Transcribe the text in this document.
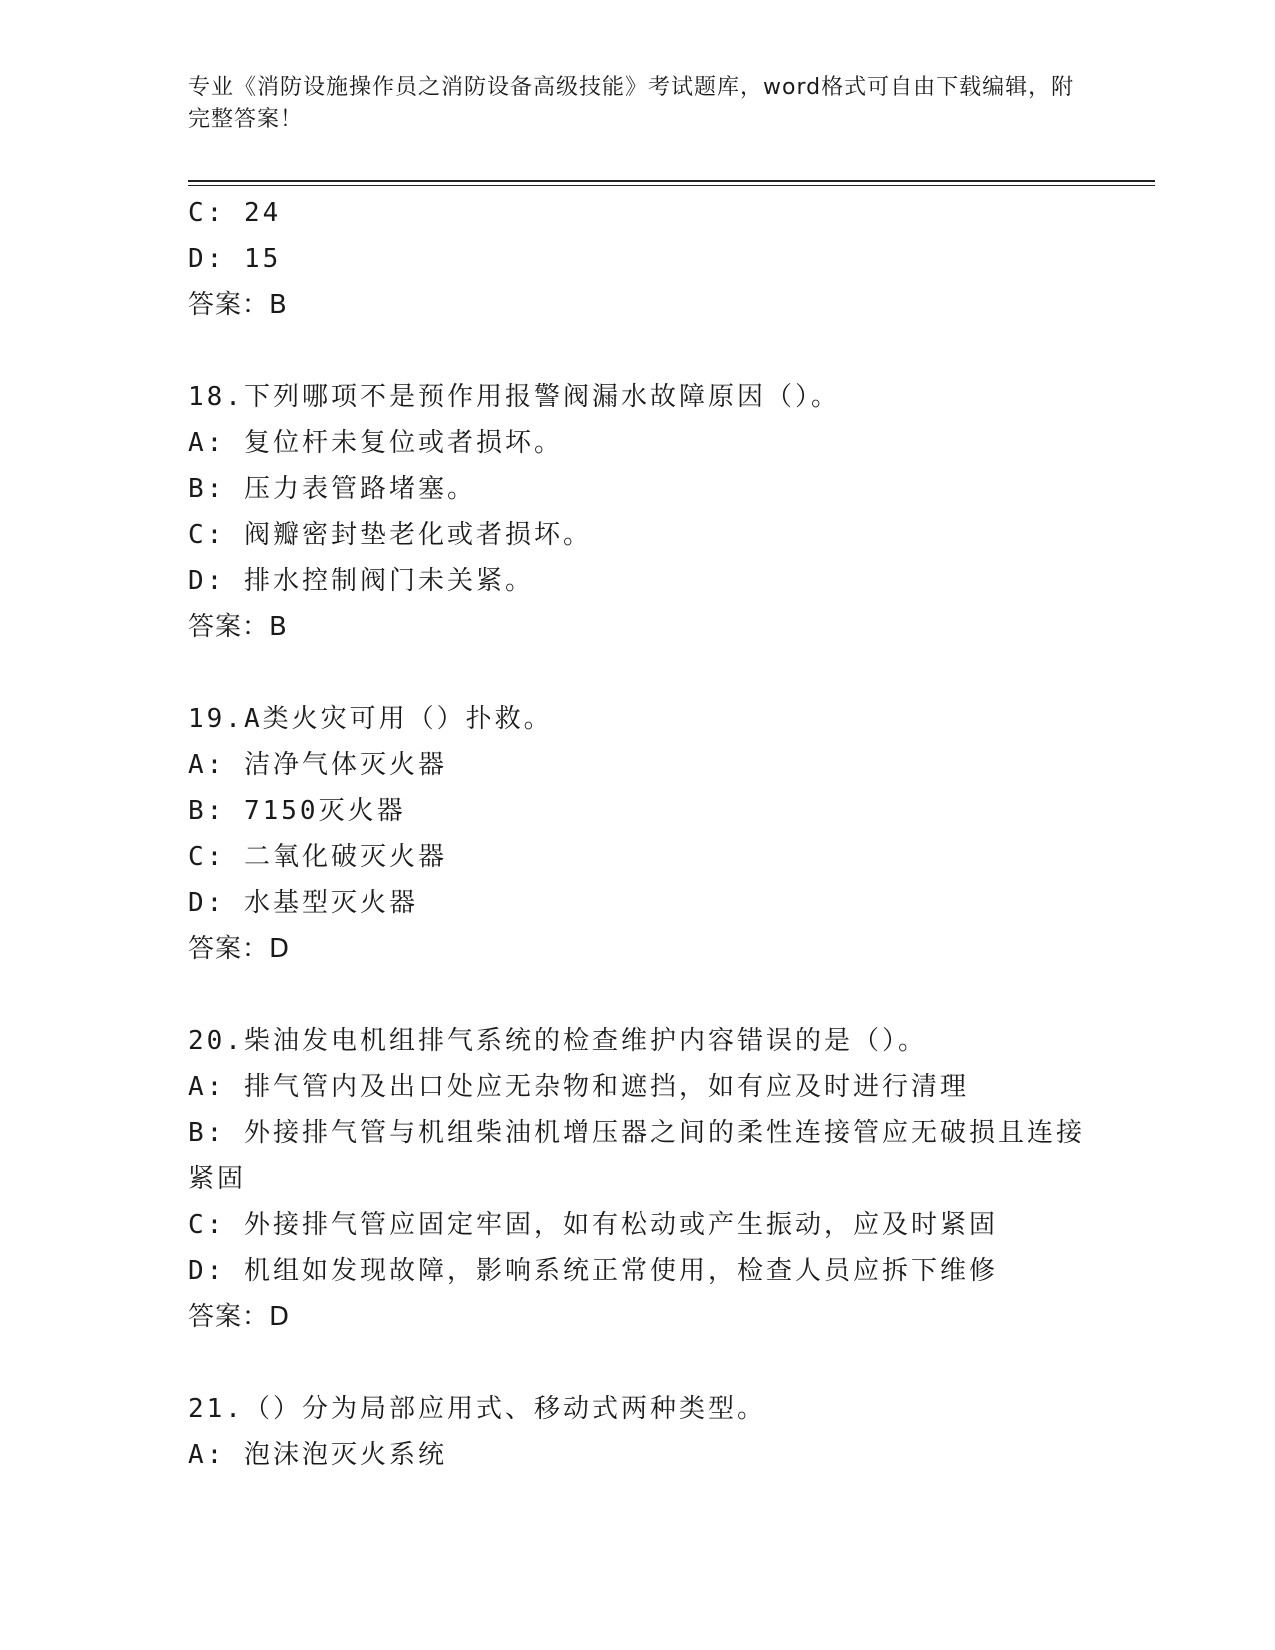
专业《消防设施操作员之消防设备高级技能》考试题库，word格式可自由下载编辑，附完整答案！
C: 24
D: 15
答案：B
18.下列哪项不是预作用报警阀漏水故障原因（）。
A: 复位杆未复位或者损坏。
B: 压力表管路堵塞。
C: 阀瓣密封垫老化或者损坏。
D: 排水控制阀门未关紧。
答案：B
19.A类火灾可用（）扑救。
A: 洁净气体灭火器
B: 7150灭火器
C: 二氧化破灭火器
D: 水基型灭火器
答案：D
20.柴油发电机组排气系统的检查维护内容错误的是（）。
A: 排气管内及出口处应无杂物和遮挡，如有应及时进行清理
B: 外接排气管与机组柴油机增压器之间的柔性连接管应无破损且连接紧固
C: 外接排气管应固定牢固，如有松动或产生振动，应及时紧固
D: 机组如发现故障，影响系统正常使用，检查人员应拆下维修
答案：D
21.（）分为局部应用式、移动式两种类型。
A: 泡沫泡灭火系统
